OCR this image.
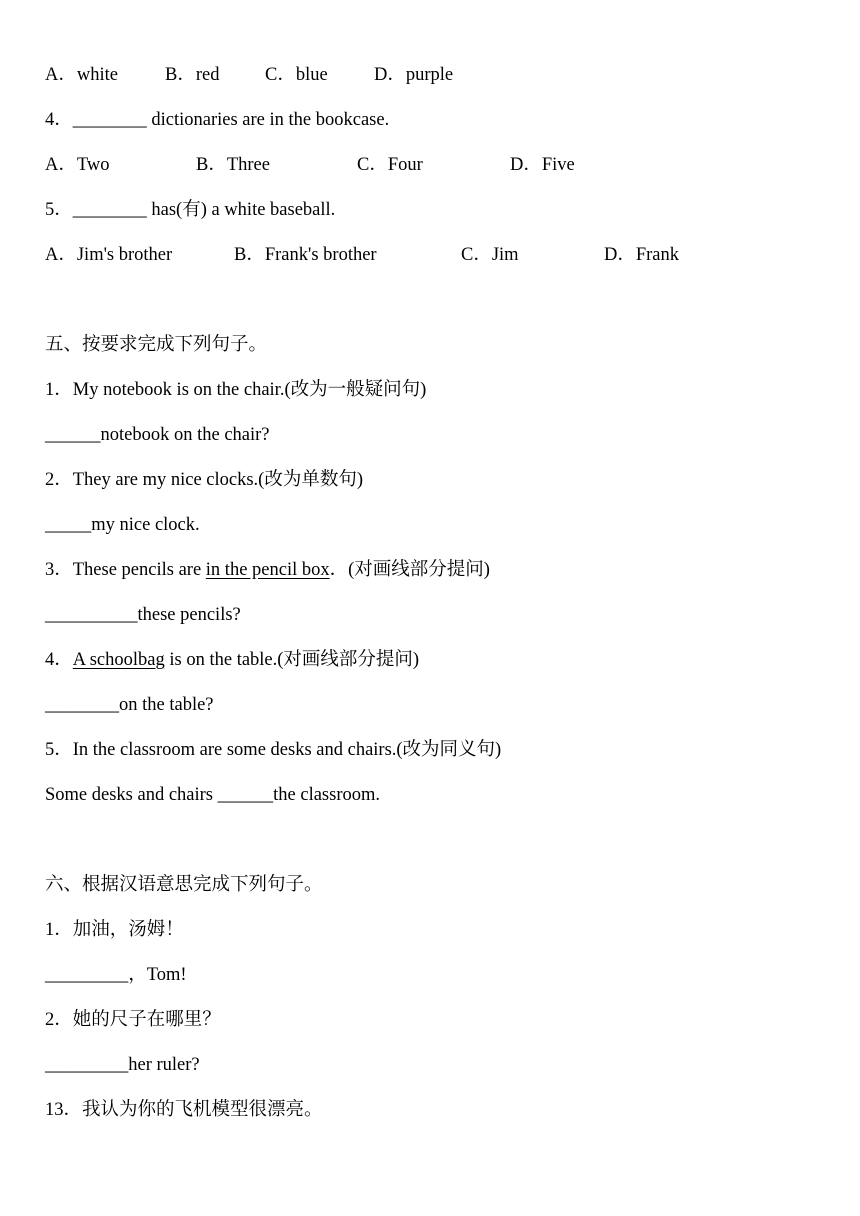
A．white	B．red C．blue	D．purple
4．________ dictionaries are in the bookcase.
A．Two	B．Three	C．Four	D．Five
5．________ has(有) a white baseball.
A．Jim's brother	B．Frank's brother	C．Jim	D．Frank
五、按要求完成下列句子。
1．My notebook is on the chair.(改为一般疑问句)
______notebook on the chair?
2．They are my nice clocks.(改为单数句)
_____my nice clock.
3．These pencils are in the pencil box．(对画线部分提问)
__________these pencils?
4．A schoolbag is on the table.(对画线部分提问)
________on the table?
5．In the classroom are some desks and chairs.(改为同义句)
Some desks and chairs ______the classroom.
六、根据汉语意思完成下列句子。
1．加油，汤姆！
_________，Tom!
2．她的尺子在哪里？
_________her ruler?
13．我认为你的飞机模型很漂亮。
